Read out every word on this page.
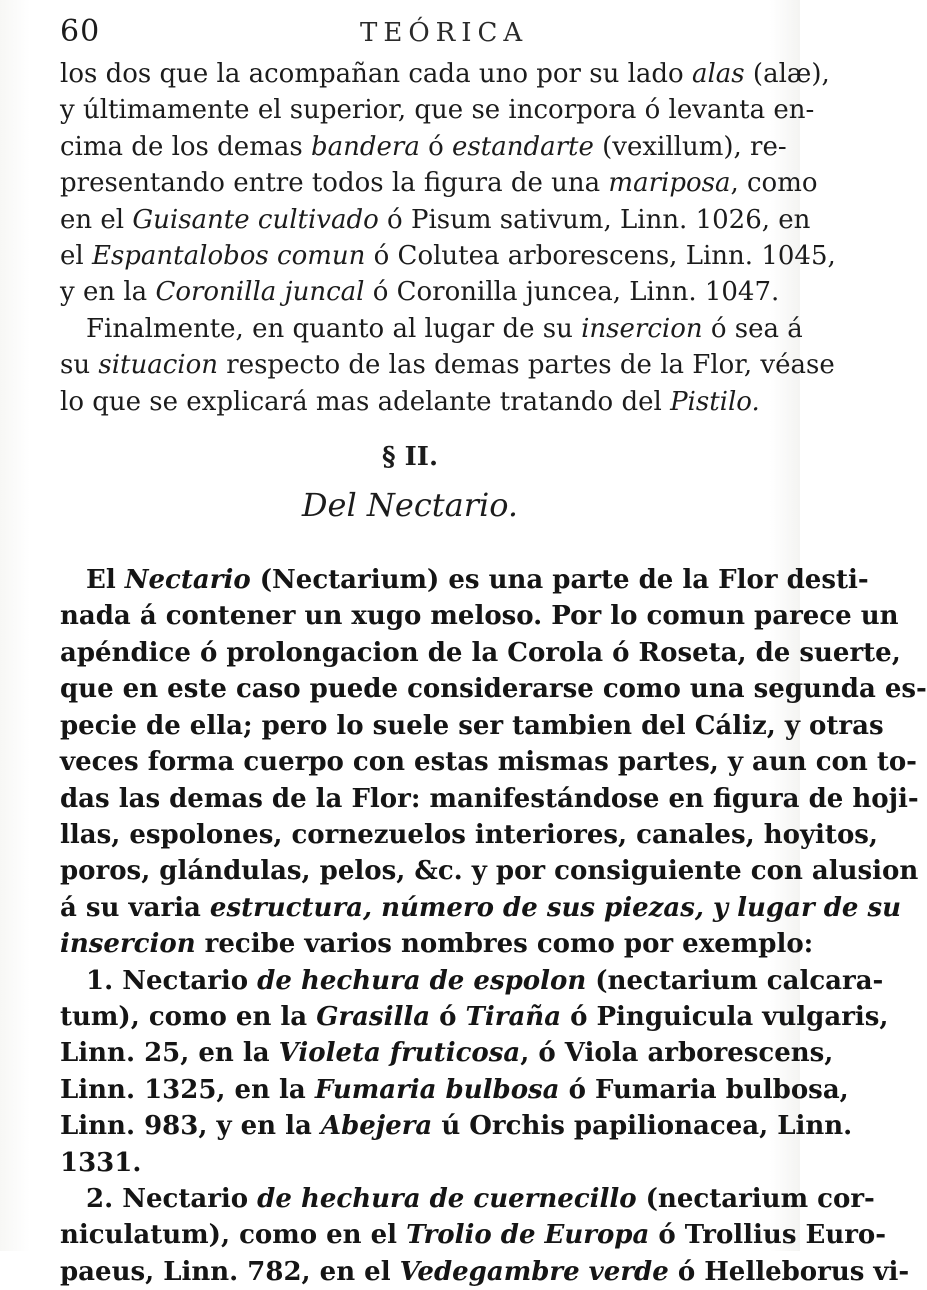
60	TEÓRICA

los dos que la acompañan cada uno por su lado alas (alæ),

y últimamente el superior, que se incorpora ó levanta en-

cima de los demas bandera ó estandarte (vexillum), re-

presentando entre todos la figura de una mariposa, como

en el Guisante cultivado ó Pisum sativum, Linn. 1026, en

el Espantalobos comun ó Colutea arborescens, Linn. 1045,

y en la Coronilla juncal ó Coronilla juncea, Linn. 1047.

Finalmente, en quanto al lugar de su insercion ó sea á

su situacion respecto de las demas partes de la Flor, véase

lo que se explicará mas adelante tratando del Pistilo.

§ II.
Del Nectario.

El Nectario (Nectarium) es una parte de la Flor desti-

nada á contener un xugo meloso. Por lo comun parece un

apéndice ó prolongacion de la Corola ó Roseta, de suerte,

que en este caso puede considerarse como una segunda es-

pecie de ella; pero lo suele ser tambien del Cáliz, y otras

veces forma cuerpo con estas mismas partes, y aun con to-

das las demas de la Flor: manifestándose en figura de hoji-

llas, espolones, cornezuelos interiores, canales, hoyitos,

poros, glándulas, pelos, &c. y por consiguiente con alusion

á su varia estructura, número de sus piezas, y lugar de su

insercion recibe varios nombres como por exemplo:

1. Nectario de hechura de espolon (nectarium calcara-

tum), como en la Grasilla ó Tiraña ó Pinguicula vulgaris,

Linn. 25, en la Violeta fruticosa, ó Viola arborescens,

Linn. 1325, en la Fumaria bulbosa ó Fumaria bulbosa,

Linn. 983, y en la Abejera ú Orchis papilionacea, Linn.

1331.

2. Nectario de hechura de cuernecillo (nectarium cor-

niculatum), como en el Trolio de Europa ó Trollius Euro-

paeus, Linn. 782, en el Vedegambre verde ó Helleborus vi-
